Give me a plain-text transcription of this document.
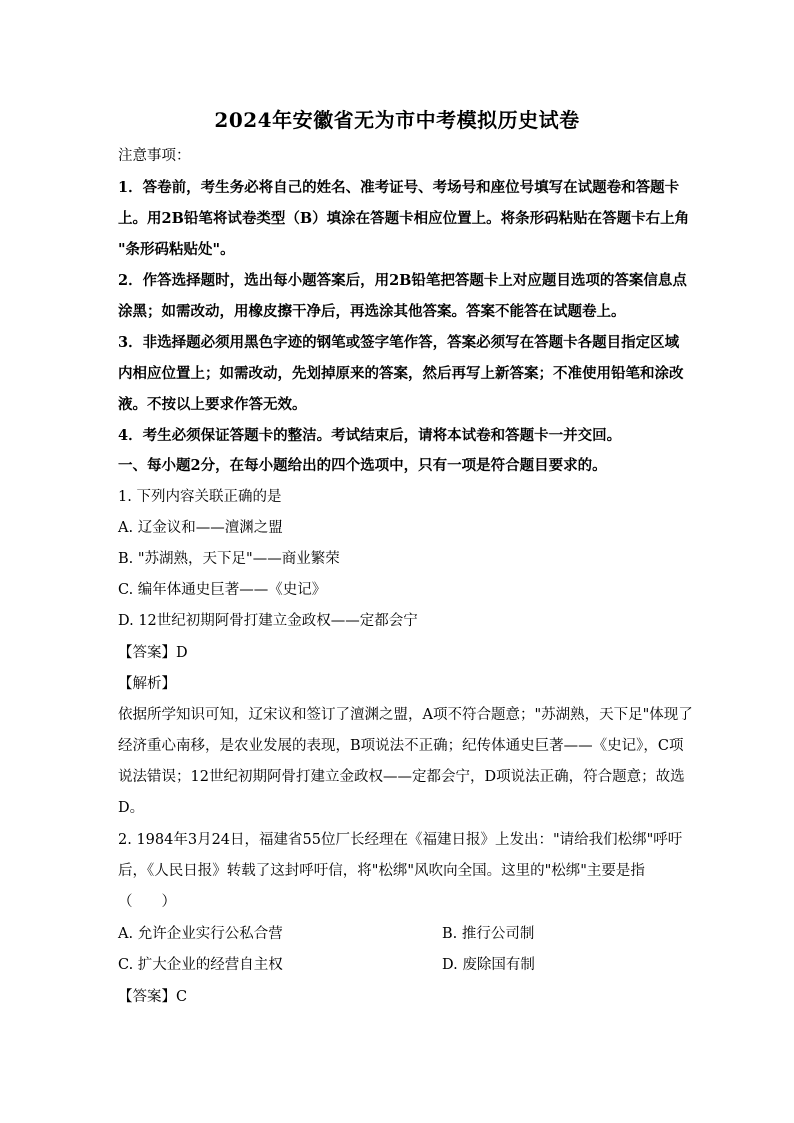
2024年安徽省无为市中考模拟历史试卷
注意事项：
1．答卷前，考生务必将自己的姓名、准考证号、考场号和座位号填写在试题卷和答题卡
上。用2B铅笔将试卷类型（B）填涂在答题卡相应位置上。将条形码粘贴在答题卡右上角
"条形码粘贴处"。
2．作答选择题时，选出每小题答案后，用2B铅笔把答题卡上对应题目选项的答案信息点
涂黑；如需改动，用橡皮擦干净后，再选涂其他答案。答案不能答在试题卷上。
3．非选择题必须用黑色字迹的钢笔或签字笔作答，答案必须写在答题卡各题目指定区域
内相应位置上；如需改动，先划掉原来的答案，然后再写上新答案；不准使用铅笔和涂改
液。不按以上要求作答无效。
4．考生必须保证答题卡的整洁。考试结束后，请将本试卷和答题卡一并交回。
一、每小题2分，在每小题给出的四个选项中，只有一项是符合题目要求的。
1. 下列内容关联正确的是
A. 辽金议和——澶渊之盟
B. "苏湖熟，天下足"——商业繁荣
C. 编年体通史巨著——《史记》
D. 12世纪初期阿骨打建立金政权——定都会宁
【答案】D
【解析】
依据所学知识可知，辽宋议和签订了澶渊之盟，A项不符合题意；"苏湖熟，天下足"体现了
经济重心南移，是农业发展的表现，B项说法不正确；纪传体通史巨著——《史记》，C项
说法错误；12世纪初期阿骨打建立金政权——定都会宁，D项说法正确，符合题意；故选
D。
2. 1984年3月24日，福建省55位厂长经理在《福建日报》上发出："请给我们松绑"呼吁
后，《人民日报》转载了这封呼吁信，将"松绑"风吹向全国。这里的"松绑"主要是指
（　　）
A. 允许企业实行公私合营	B. 推行公司制
C. 扩大企业的经营自主权	D. 废除国有制
【答案】C
